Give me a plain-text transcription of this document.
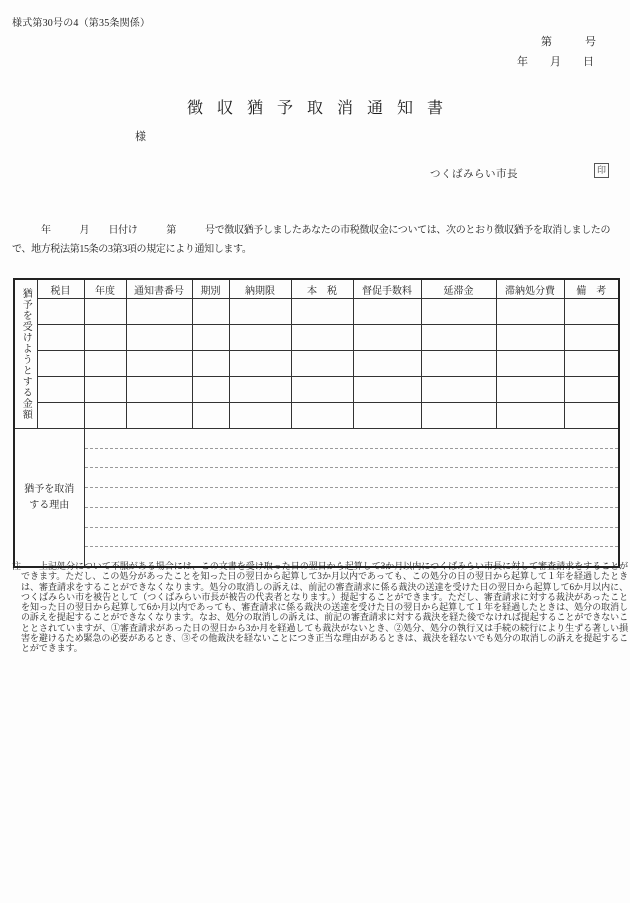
様式第30号の4（第35条関係）
第　　　号
年　　月　　日
徴収猶予取消通知書
様
つくばみらい市長	印
　　　年　　　月　　日付け　　　第　　　号で徴収猶予しましたあなたの市税徴収金については、次のとおり徴収猶予を取消しましたの
で、地方税法第15条の3第3項の規定により通知します。
猶予を受けようとする金額	税目	年度	通知書番号	期別	納期限	本　税	督促手数料	延滞金	滞納処分費	備　考

猶予を取消
する理由										

注　　上記処分について不服がある場合には、この文書を受け取った日の翌日から起算して3か月以内につくばみらい市長に対して審査請求をすることができます。ただし、この処分があったことを知った日の翌日から起算して3か月以内であっても、この処分の日の翌日から起算して１年を経過したときは、審査請求をすることができなくなります。処分の取消しの訴えは、前記の審査請求に係る裁決の送達を受けた日の翌日から起算して6か月以内に、つくばみらい市を被告として（つくばみらい市長が被告の代表者となります。）提起することができます。ただし、審査請求に対する裁決があったことを知った日の翌日から起算して6か月以内であっても、審査請求に係る裁決の送達を受けた日の翌日から起算して１年を経過したときは、処分の取消しの訴えを提起することができなくなります。なお、処分の取消しの訴えは、前記の審査請求に対する裁決を経た後でなければ提起することができないこととされていますが、①審査請求があった日の翌日から3か月を経過しても裁決がないとき、②処分、処分の執行又は手続の続行により生ずる著しい損害を避けるため緊急の必要があるとき、③その他裁決を経ないことにつき正当な理由があるときは、裁決を経ないでも処分の取消しの訴えを提起することができます。
